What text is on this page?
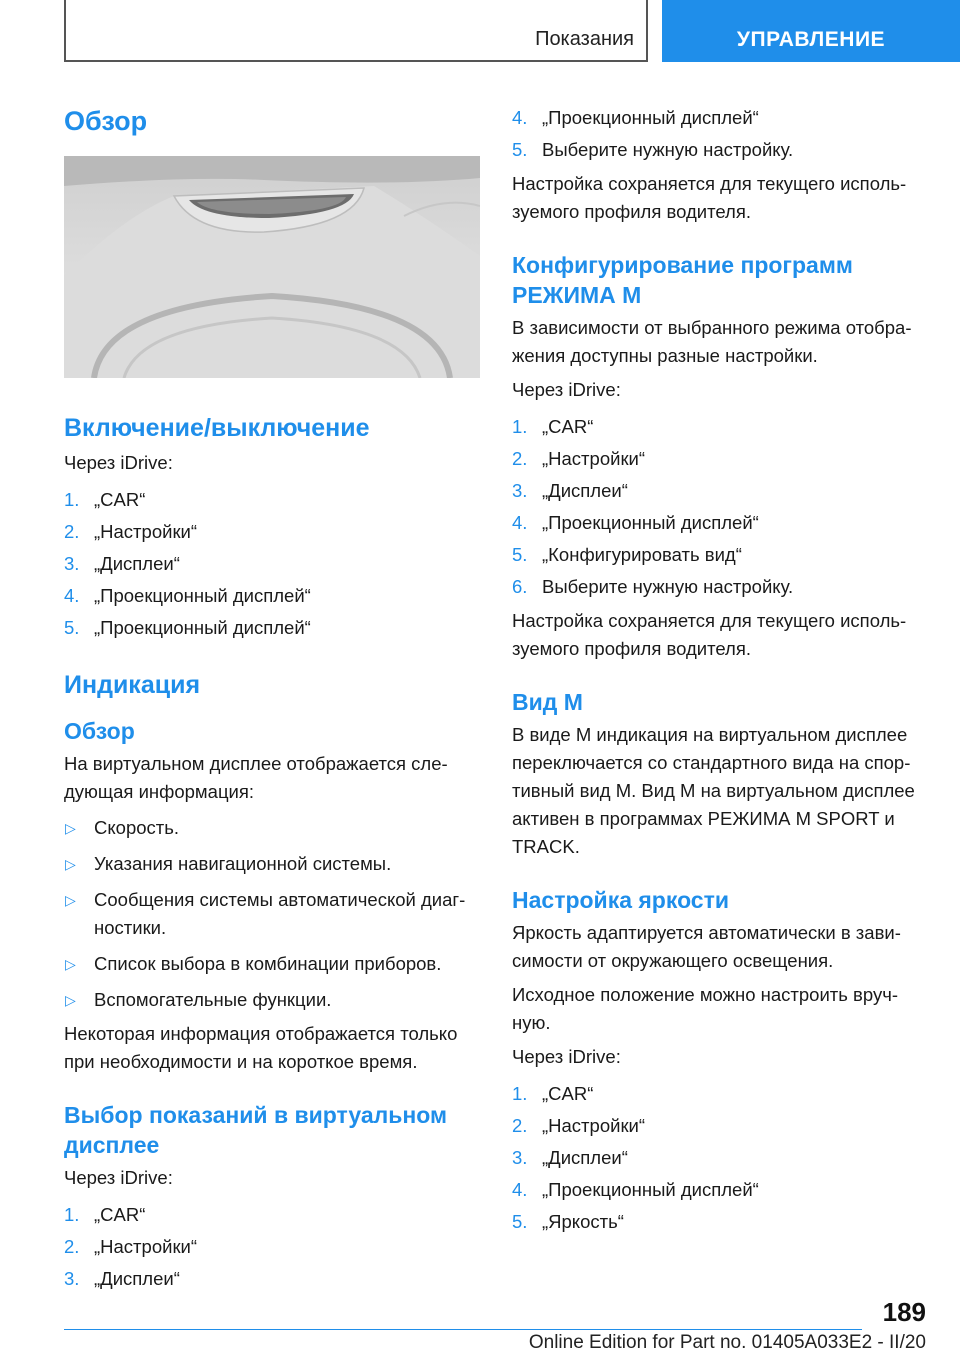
Показания	УПРАВЛЕНИЕ
Обзор
Включение/выключение

Через iDrive:

1. „CAR“
2. „Настройки“
3. „Дисплеи“
4. „Проекционный дисплей“
5. „Проекционный дисплей“
Индикация
Обзор

На виртуальном дисплее отображается сле-

дующая информация:

▷ Скорость.
▷ Указания навигационной системы.
▷ Сообщения системы автоматической диаг-
ностики.
▷ Список выбора в комбинации приборов.
▷ Вспомогательные функции.

Некоторая информация отображается только

при необходимости и на короткое время.

Выбор показаний в виртуальном
дисплее

Через iDrive:

1. „CAR“
2. „Настройки“
3. „Дисплеи“
4. „Проекционный дисплей“
5. Выберите нужную настройку.

Настройка сохраняется для текущего исполь-

зуемого профиля водителя.

Конфигурирование программ
РЕЖИМА М

В зависимости от выбранного режима отобра-

жения доступны разные настройки.

Через iDrive:

1. „CAR“
2. „Настройки“
3. „Дисплеи“
4. „Проекционный дисплей“
5. „Конфигурировать вид“
6. Выберите нужную настройку.

Настройка сохраняется для текущего исполь-

зуемого профиля водителя.

Вид М

В виде М индикация на виртуальном дисплее

переключается со стандартного вида на спор-

тивный вид М. Вид М на виртуальном дисплее

активен в программах РЕЖИМА М SPORT и

TRACK.

Настройка яркости

Яркость адаптируется автоматически в зави-

симости от окружающего освещения.

Исходное положение можно настроить вруч-

ную.

Через iDrive:

1. „CAR“
2. „Настройки“
3. „Дисплеи“
4. „Проекционный дисплей“
5. „Яркость“
189
Online Edition for Part no. 01405A033E2 - II/20
